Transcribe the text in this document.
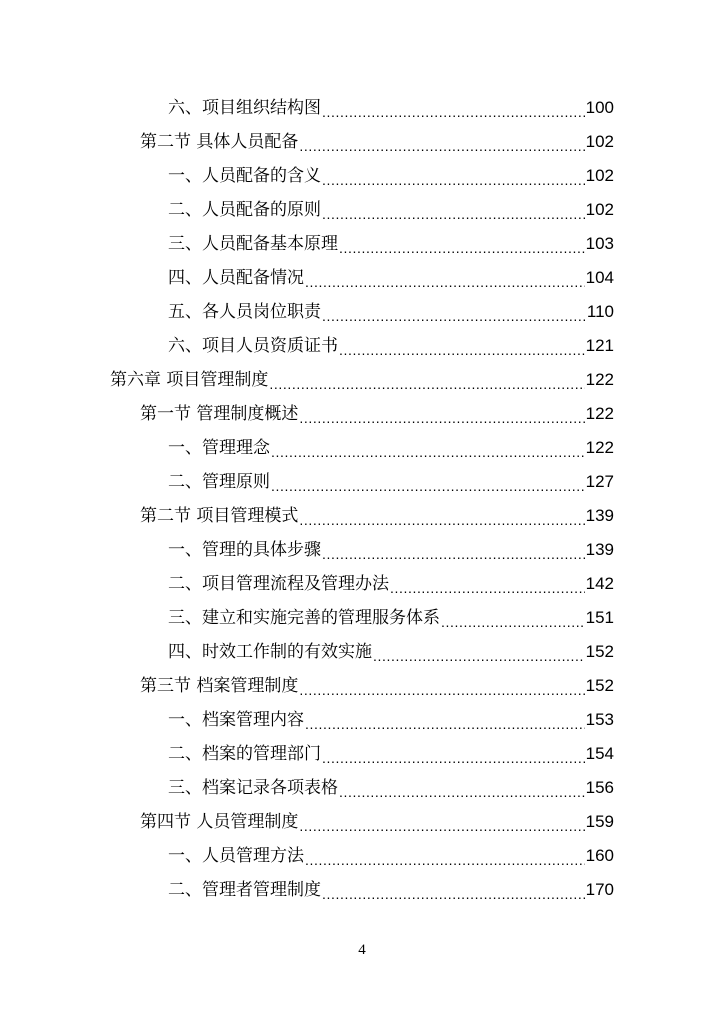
六、项目组织结构图 .....	100
第二节 具体人员配备 .....	102
一、人员配备的含义 .....	102
二、人员配备的原则 .....	102
三、人员配备基本原理 .....	103
四、人员配备情况 .....	104
五、各人员岗位职责 .....	110
六、项目人员资质证书 .....	121
第六章 项目管理制度 .....	122
第一节 管理制度概述 .....	122
一、管理理念 .....	122
二、管理原则 .....	127
第二节 项目管理模式 .....	139
一、管理的具体步骤 .....	139
二、项目管理流程及管理办法 .....	142
三、建立和实施完善的管理服务体系 .....	151
四、时效工作制的有效实施 .....	152
第三节 档案管理制度 .....	152
一、档案管理内容 .....	153
二、档案的管理部门 .....	154
三、档案记录各项表格 .....	156
第四节 人员管理制度 .....	159
一、人员管理方法 .....	160
二、管理者管理制度 .....	170
4
